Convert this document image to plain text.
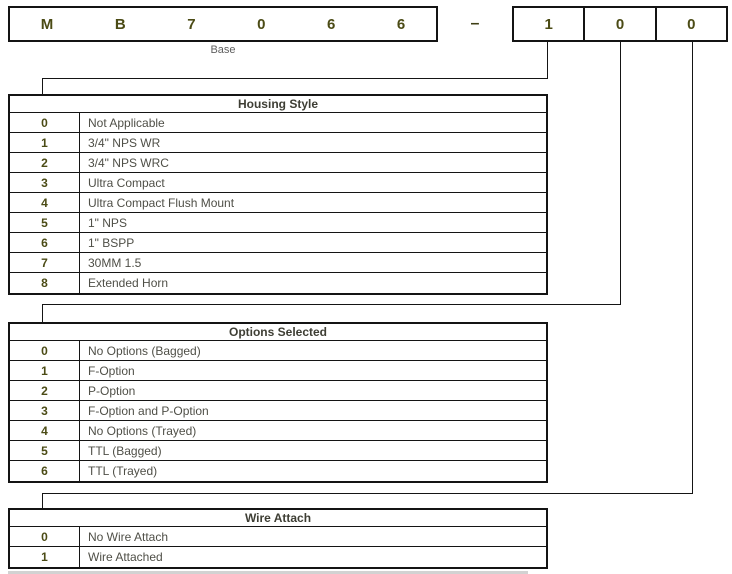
M	B	7	0	6	6	–	1	0	0
Base
Housing Style
0	Not Applicable
1	3/4" NPS WR
2	3/4" NPS WRC
3	Ultra Compact
4	Ultra Compact Flush Mount
5	1" NPS
6	1" BSPP
7	30MM 1.5
8	Extended Horn
Options Selected
0	No Options (Bagged)
1	F-Option
2	P-Option
3	F-Option and P-Option
4	No Options (Trayed)
5	TTL (Bagged)
6	TTL (Trayed)
Wire Attach
0	No Wire Attach
1	Wire Attached
